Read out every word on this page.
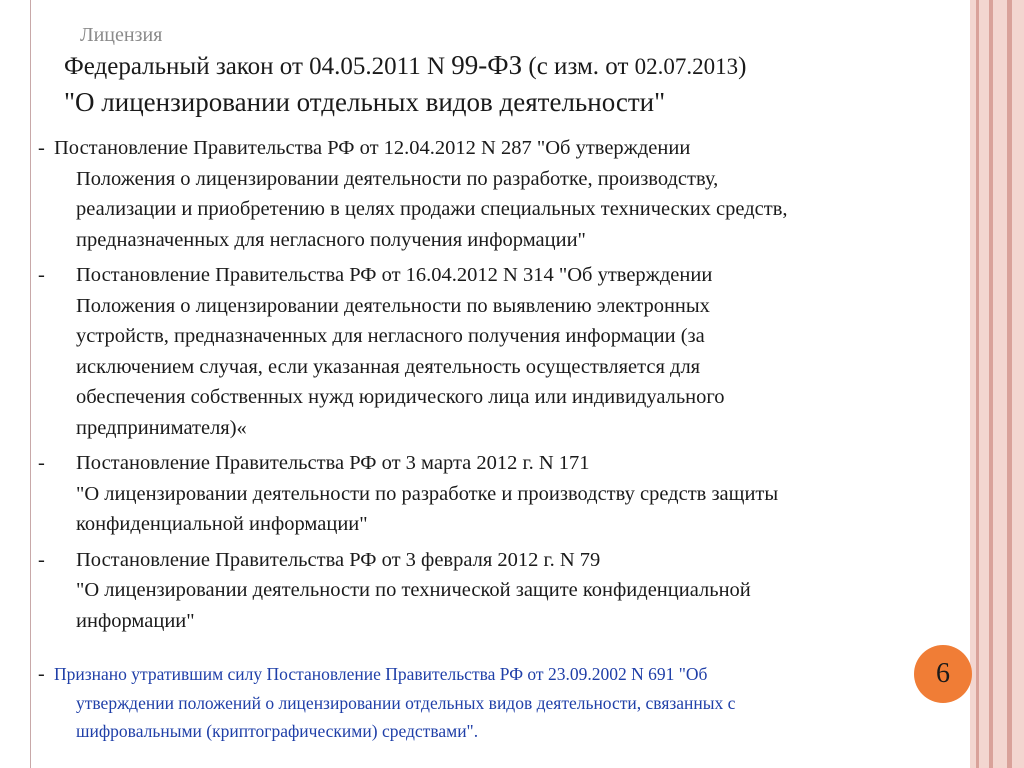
Лицензия
Федеральный закон от 04.05.2011 N 99-ФЗ (с изм. от 02.07.2013)
"О лицензировании отдельных видов деятельности"
- Постановление Правительства РФ от 12.04.2012 N 287 "Об утверждении
Положения о лицензировании деятельности по разработке, производству,
реализации и приобретению в целях продажи специальных технических средств,
предназначенных для негласного получения информации"
- Постановление Правительства РФ от 16.04.2012 N 314 "Об утверждении
Положения о лицензировании деятельности по выявлению электронных
устройств, предназначенных для негласного получения информации (за
исключением случая, если указанная деятельность осуществляется для
обеспечения собственных нужд юридического лица или индивидуального
предпринимателя)«
- Постановление Правительства РФ от 3 марта 2012 г. N 171
"О лицензировании деятельности по разработке и производству средств защиты
конфиденциальной информации"
- Постановление Правительства РФ от 3 февраля 2012 г. N 79
"О лицензировании деятельности по технической защите конфиденциальной
информации"
- Признано утратившим силу Постановление Правительства РФ от 23.09.2002 N 691 "Об
утверждении положений о лицензировании отдельных видов деятельности, связанных с
шифровальными (криптографическими) средствами".
6
